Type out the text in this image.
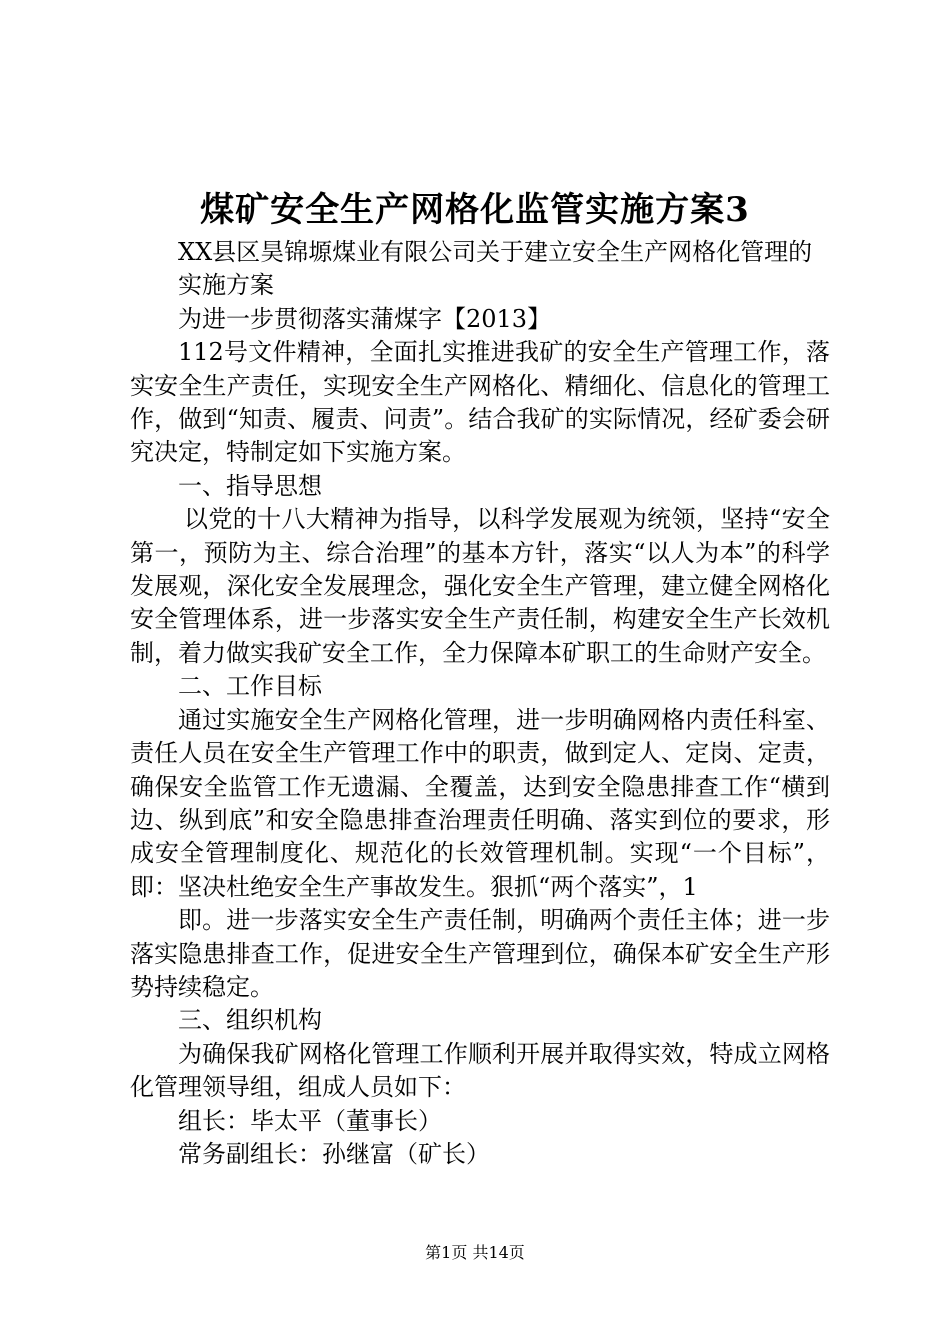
煤矿安全生产网格化监管实施方案3

XX县区昊锦塬煤业有限公司关于建立安全生产网格化管理的

实施方案

为进一步贯彻落实蒲煤字【2013】

112号文件精神，全面扎实推进我矿的安全生产管理工作，落实安全生产责任，实现安全生产网格化、精细化、信息化的管理工作，做到“知责、履责、问责”。结合我矿的实际情况，经矿委会研究决定，特制定如下实施方案。

一、指导思想

以党的十八大精神为指导，以科学发展观为统领，坚持“安全第一，预防为主、综合治理”的基本方针，落实“以人为本”的科学发展观，深化安全发展理念，强化安全生产管理，建立健全网格化安全管理体系，进一步落实安全生产责任制，构建安全生产长效机制，着力做实我矿安全工作，全力保障本矿职工的生命财产安全。

二、工作目标

通过实施安全生产网格化管理，进一步明确网格内责任科室、责任人员在安全生产管理工作中的职责，做到定人、定岗、定责，确保安全监管工作无遗漏、全覆盖，达到安全隐患排查工作“横到边、纵到底”和安全隐患排查治理责任明确、落实到位的要求，形成安全管理制度化、规范化的长效管理机制。实现“一个目标”，即：坚决杜绝安全生产事故发生。狠抓“两个落实”，1

即。进一步落实安全生产责任制，明确两个责任主体；进一步落实隐患排查工作，促进安全生产管理到位，确保本矿安全生产形势持续稳定。

三、组织机构

为确保我矿网格化管理工作顺利开展并取得实效，特成立网格化管理领导组，组成人员如下：

组长：毕太平（董事长）

常务副组长：孙继富（矿长）

第1页 共14页
